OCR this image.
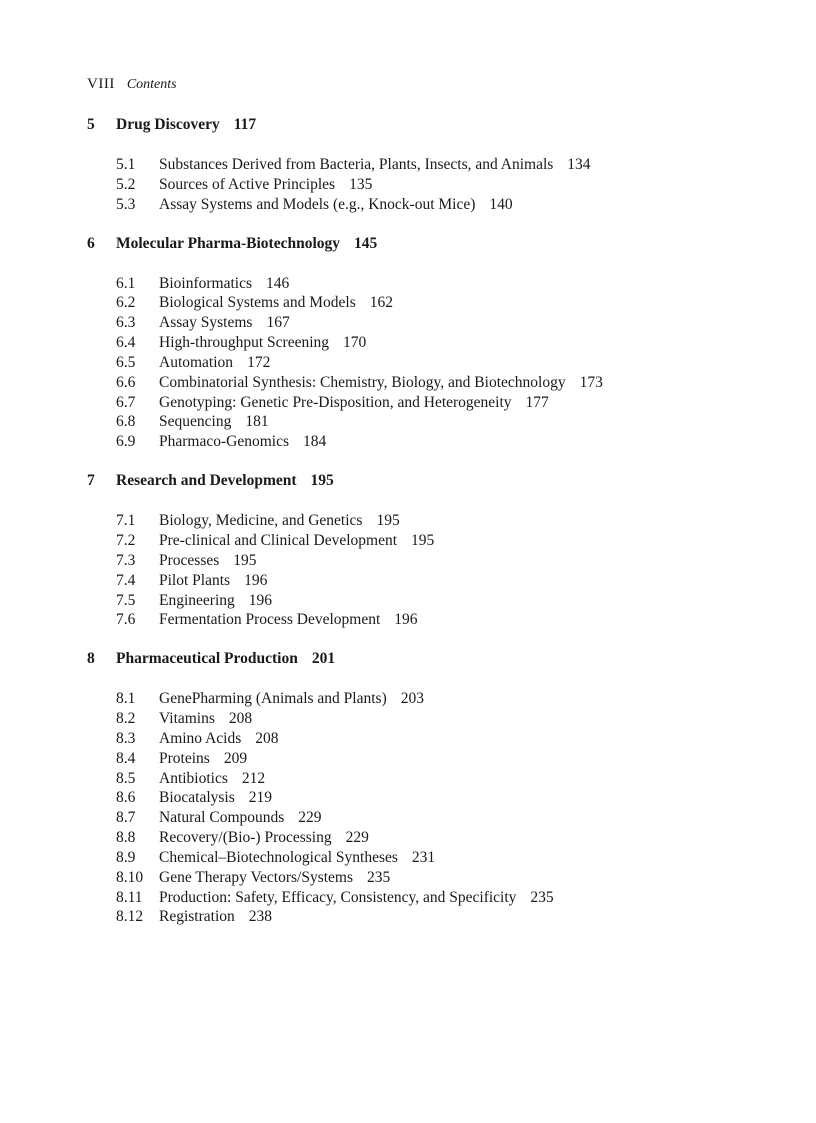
VIII Contents
5 Drug Discovery 117
5.1 Substances Derived from Bacteria, Plants, Insects, and Animals 134
5.2 Sources of Active Principles 135
5.3 Assay Systems and Models (e.g., Knock-out Mice) 140
6 Molecular Pharma-Biotechnology 145
6.1 Bioinformatics 146
6.2 Biological Systems and Models 162
6.3 Assay Systems 167
6.4 High-throughput Screening 170
6.5 Automation 172
6.6 Combinatorial Synthesis: Chemistry, Biology, and Biotechnology 173
6.7 Genotyping: Genetic Pre-Disposition, and Heterogeneity 177
6.8 Sequencing 181
6.9 Pharmaco-Genomics 184
7 Research and Development 195
7.1 Biology, Medicine, and Genetics 195
7.2 Pre-clinical and Clinical Development 195
7.3 Processes 195
7.4 Pilot Plants 196
7.5 Engineering 196
7.6 Fermentation Process Development 196
8 Pharmaceutical Production 201
8.1 GenePharming (Animals and Plants) 203
8.2 Vitamins 208
8.3 Amino Acids 208
8.4 Proteins 209
8.5 Antibiotics 212
8.6 Biocatalysis 219
8.7 Natural Compounds 229
8.8 Recovery/(Bio-) Processing 229
8.9 Chemical–Biotechnological Syntheses 231
8.10 Gene Therapy Vectors/Systems 235
8.11 Production: Safety, Efficacy, Consistency, and Specificity 235
8.12 Registration 238
